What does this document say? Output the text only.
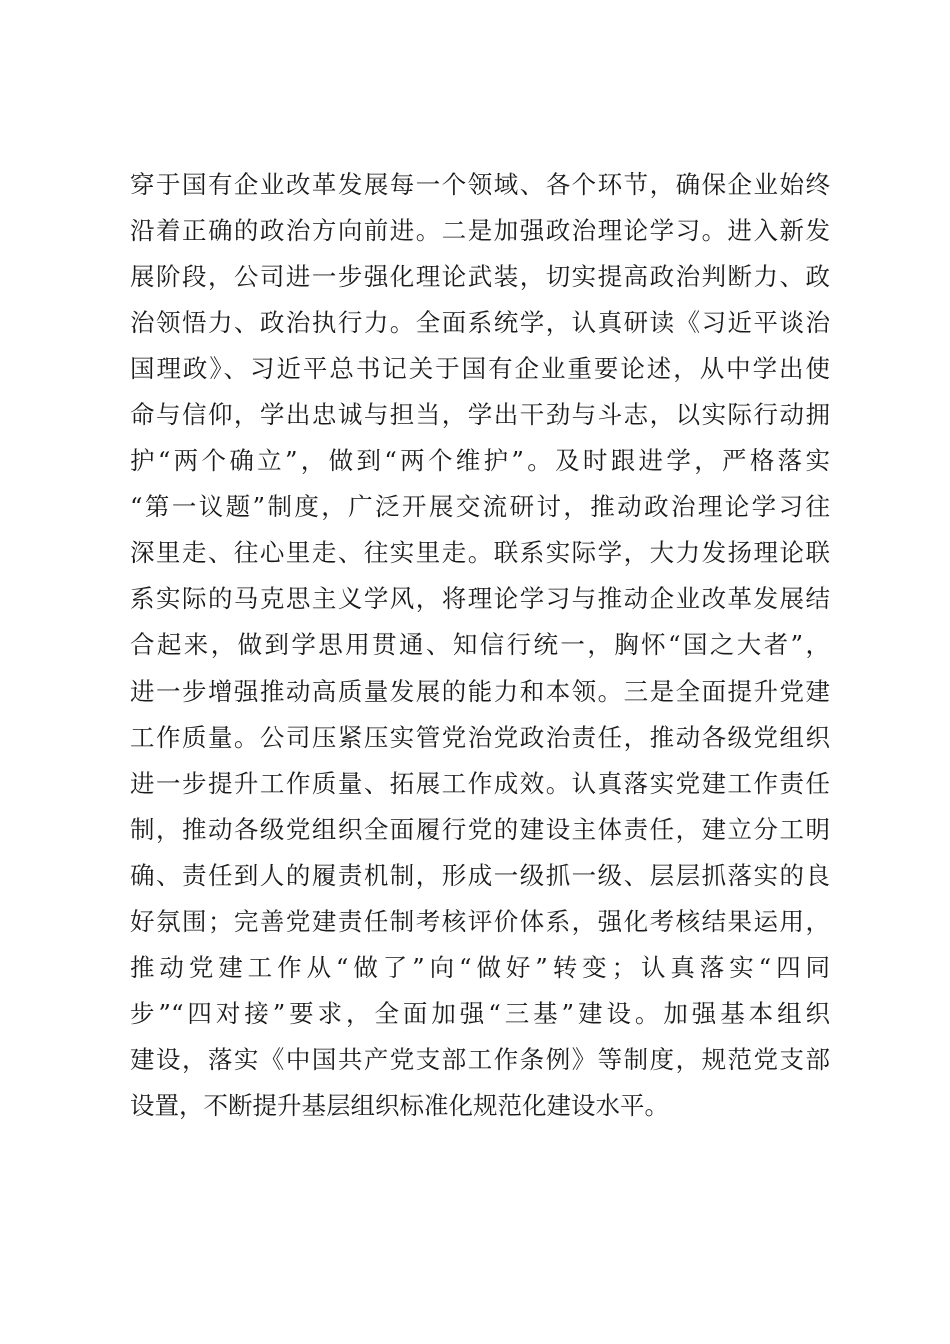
穿于国有企业改革发展每一个领域、各个环节，确保企业始终
沿着正确的政治方向前进。二是加强政治理论学习。进入新发
展阶段，公司进一步强化理论武装，切实提高政治判断力、政
治领悟力、政治执行力。全面系统学，认真研读《习近平谈治
国理政》、习近平总书记关于国有企业重要论述，从中学出使
命与信仰，学出忠诚与担当，学出干劲与斗志，以实际行动拥
护“两个确立”，做到“两个维护”。及时跟进学，严格落实
“第一议题”制度，广泛开展交流研讨，推动政治理论学习往
深里走、往心里走、往实里走。联系实际学，大力发扬理论联
系实际的马克思主义学风，将理论学习与推动企业改革发展结
合起来，做到学思用贯通、知信行统一，胸怀“国之大者”，
进一步增强推动高质量发展的能力和本领。三是全面提升党建
工作质量。公司压紧压实管党治党政治责任，推动各级党组织
进一步提升工作质量、拓展工作成效。认真落实党建工作责任
制，推动各级党组织全面履行党的建设主体责任，建立分工明
确、责任到人的履责机制，形成一级抓一级、层层抓落实的良
好氛围；完善党建责任制考核评价体系，强化考核结果运用，
推动党建工作从“做了”向“做好”转变；认真落实“四同
步”“四对接”要求，全面加强“三基”建设。加强基本组织
建设，落实《中国共产党支部工作条例》等制度，规范党支部
设置，不断提升基层组织标准化规范化建设水平。
